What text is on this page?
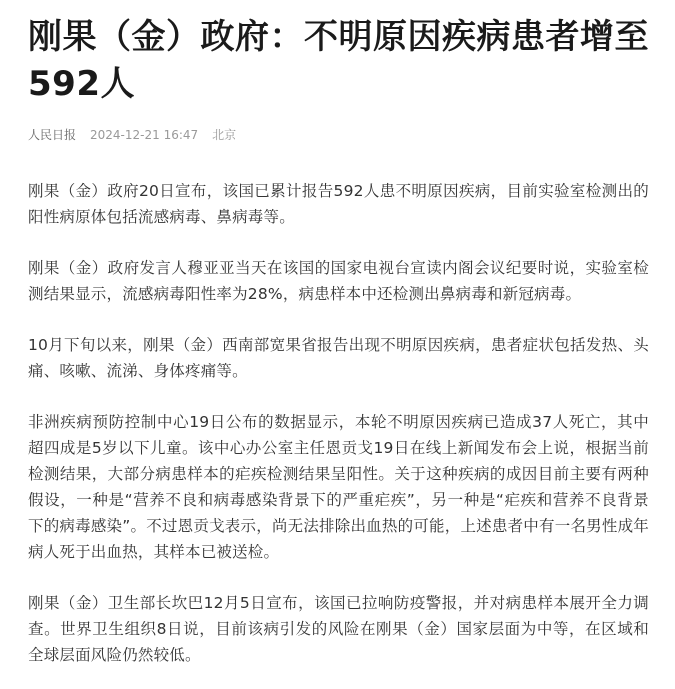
刚果（金）政府：不明原因疾病患者增至592人
人民日报 2024-12-21 16:47 北京

刚果（金）政府20日宣布，该国已累计报告592人患不明原因疾病，目前实验室检测出的阳性病原体包括流感病毒、鼻病毒等。

刚果（金）政府发言人穆亚亚当天在该国的国家电视台宣读内阁会议纪要时说，实验室检测结果显示，流感病毒阳性率为28%，病患样本中还检测出鼻病毒和新冠病毒。

10月下旬以来，刚果（金）西南部宽果省报告出现不明原因疾病，患者症状包括发热、头痛、咳嗽、流涕、身体疼痛等。

非洲疾病预防控制中心19日公布的数据显示，本轮不明原因疾病已造成37人死亡，其中超四成是5岁以下儿童。该中心办公室主任恩贡戈19日在线上新闻发布会上说，根据当前检测结果，大部分病患样本的疟疾检测结果呈阳性。关于这种疾病的成因目前主要有两种假设，一种是“营养不良和病毒感染背景下的严重疟疾”，另一种是“疟疾和营养不良背景下的病毒感染”。不过恩贡戈表示，尚无法排除出血热的可能，上述患者中有一名男性成年病人死于出血热，其样本已被送检。

刚果（金）卫生部长坎巴12月5日宣布，该国已拉响防疫警报，并对病患样本展开全力调查。世界卫生组织8日说，目前该病引发的风险在刚果（金）国家层面为中等，在区域和全球层面风险仍然较低。
